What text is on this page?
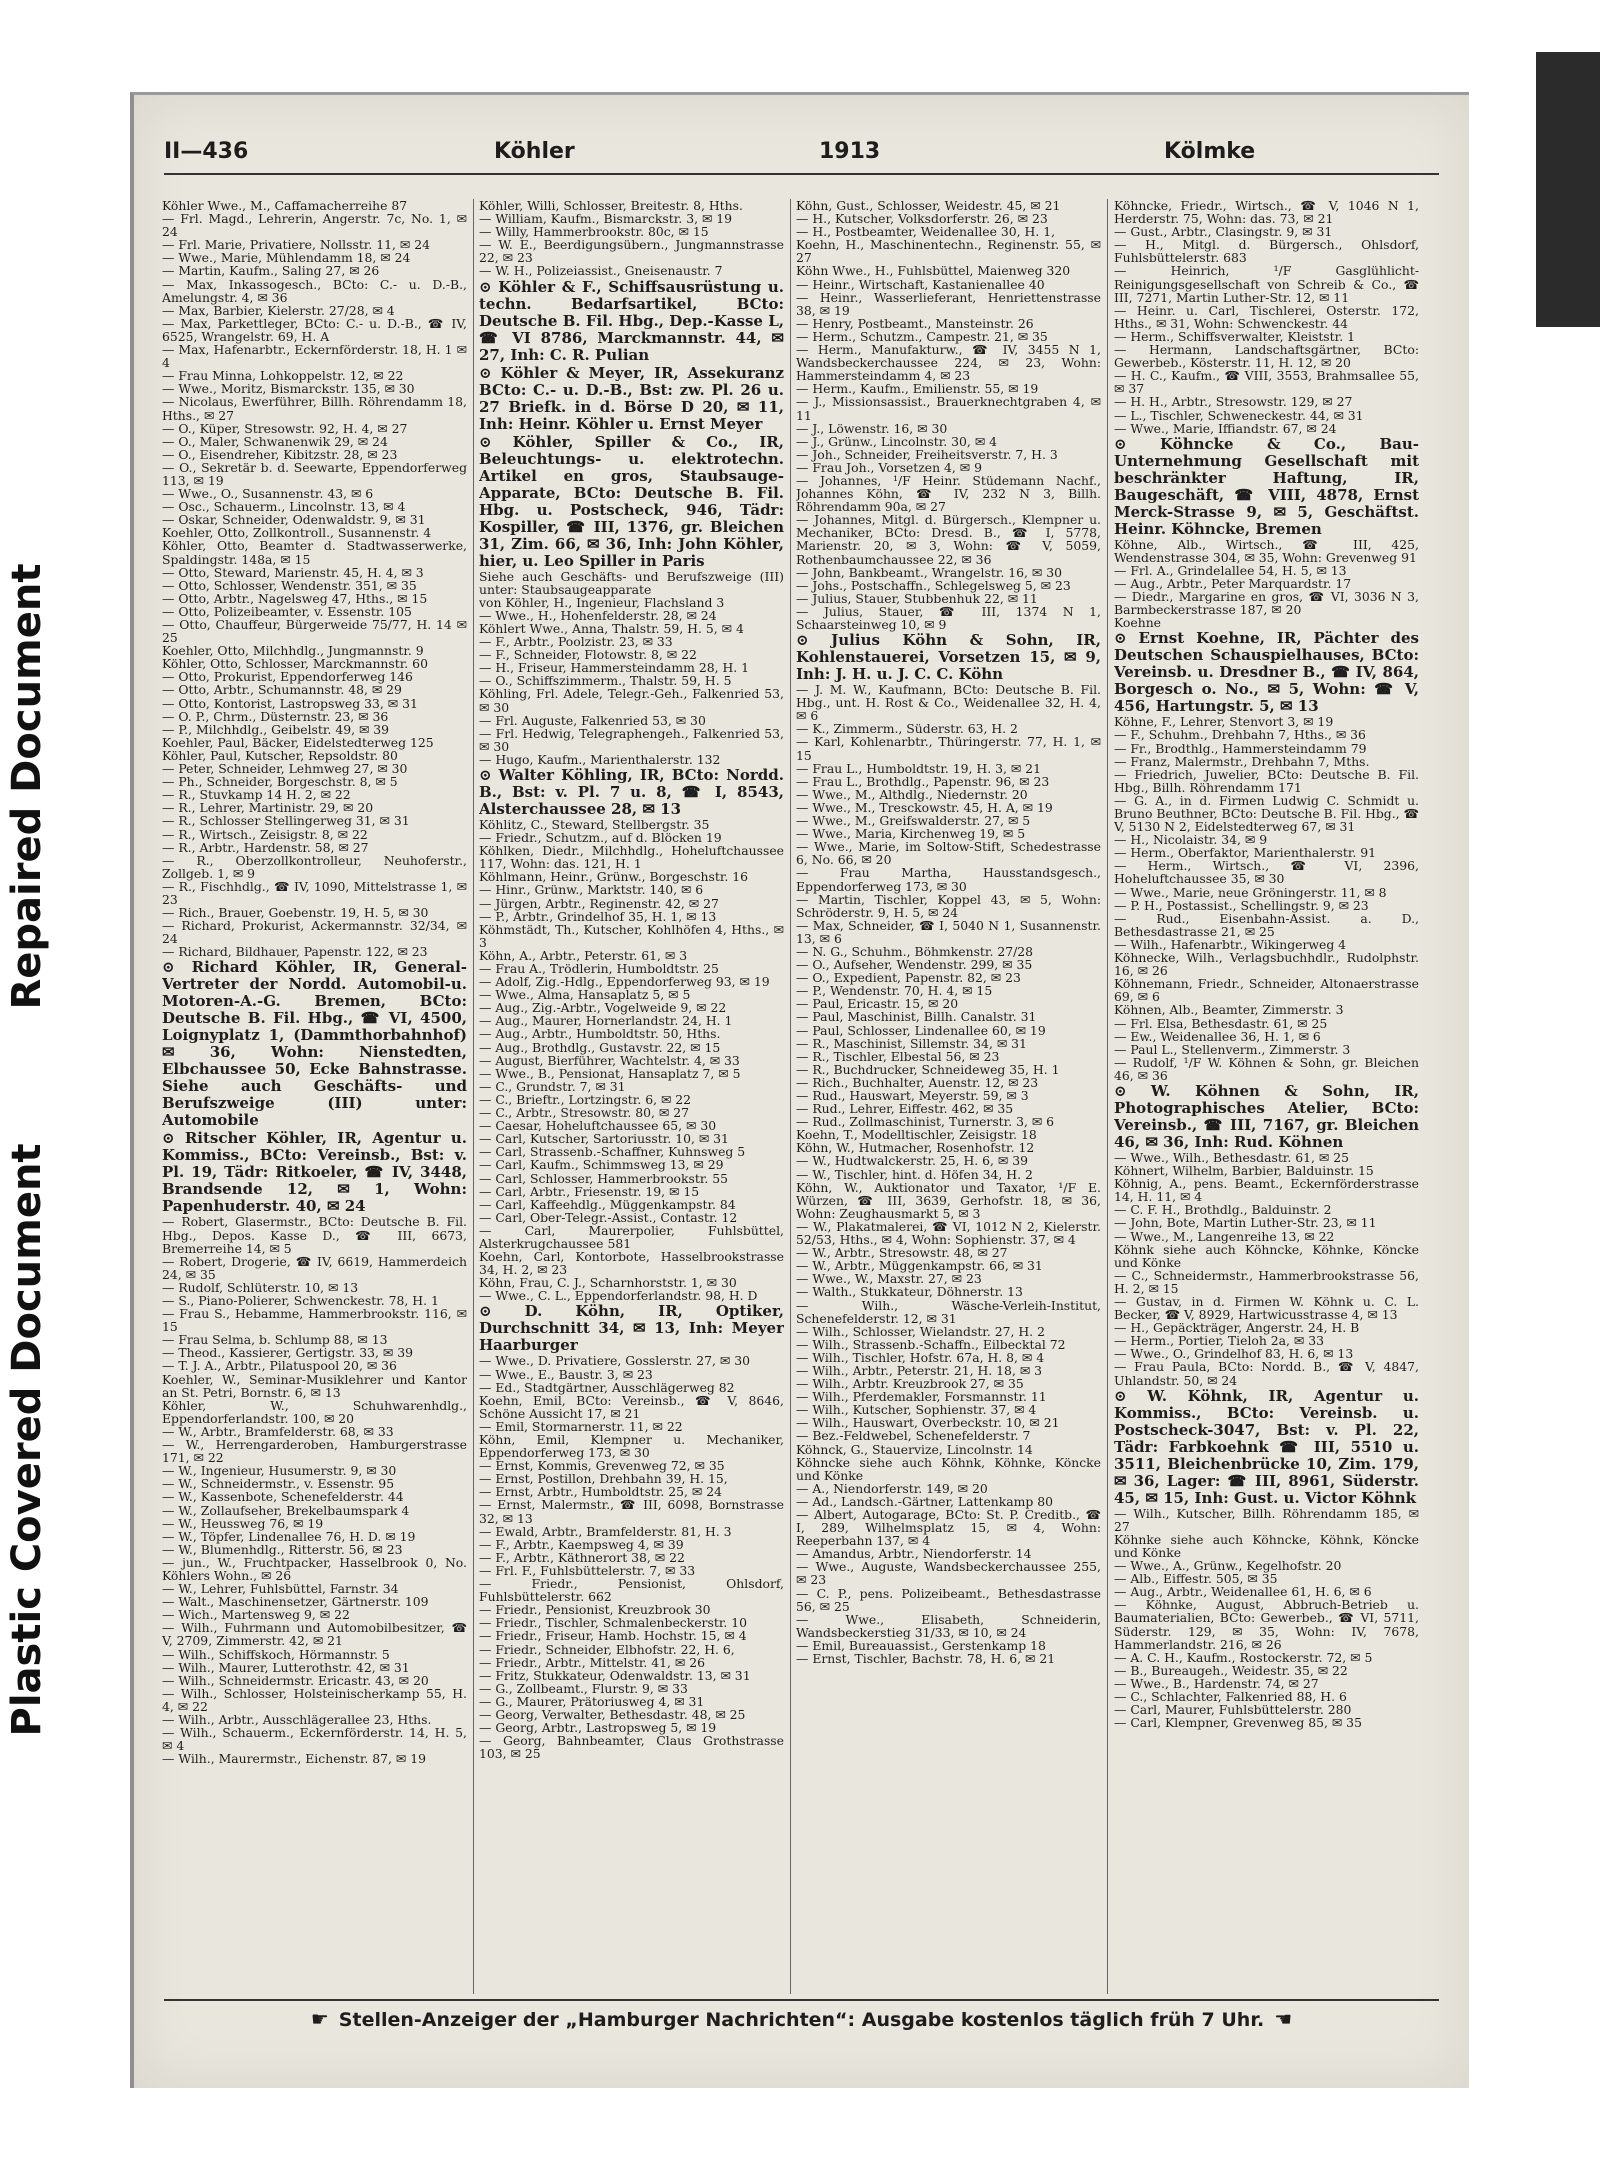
Plastic Covered Document Repaired Document
II—436	Köhler	1913	Kölmke

Köhler Wwe., M., Caffamacherreihe 87

— Frl. Magd., Lehrerin, Angerstr. 7c, No. 1, ✉ 24

— Frl. Marie, Privatiere, Nollsstr. 11, ✉ 24

— Wwe., Marie, Mühlendamm 18, ✉ 24

— Martin, Kaufm., Saling 27, ✉ 26

— Max, Inkassogesch., BCto: C.- u. D.-B., Amelungstr. 4, ✉ 36

— Max, Barbier, Kielerstr. 27/28, ✉ 4

— Max, Parkettleger, BCto: C.- u. D.-B., ☎ IV, 6525, Wrangelstr. 69, H. A

— Max, Hafenarbtr., Eckernförderstr. 18, H. 1 ✉ 4

— Frau Minna, Lohkoppelstr. 12, ✉ 22

— Wwe., Moritz, Bismarckstr. 135, ✉ 30

— Nicolaus, Ewerführer, Billh. Röhrendamm 18, Hths., ✉ 27

— O., Küper, Stresowstr. 92, H. 4, ✉ 27

— O., Maler, Schwanenwik 29, ✉ 24

— O., Eisendreher, Kibitzstr. 28, ✉ 23

— O., Sekretär b. d. Seewarte, Eppendorferweg 113, ✉ 19

— Wwe., O., Susannenstr. 43, ✉ 6

— Osc., Schauerm., Lincolnstr. 13, ✉ 4

— Oskar, Schneider, Odenwaldstr. 9, ✉ 31

Koehler, Otto, Zollkontroll., Susannenstr. 4

Köhler, Otto, Beamter d. Stadtwasserwerke, Spaldingstr. 148a, ✉ 15

— Otto, Steward, Marienstr. 45, H. 4, ✉ 3

— Otto, Schlosser, Wendenstr. 351, ✉ 35

— Otto, Arbtr., Nagelsweg 47, Hths., ✉ 15

— Otto, Polizeibeamter, v. Essenstr. 105

— Otto, Chauffeur, Bürgerweide 75/77, H. 14 ✉ 25

Koehler, Otto, Milchhdlg., Jungmannstr. 9

Köhler, Otto, Schlosser, Marckmannstr. 60

— Otto, Prokurist, Eppendorferweg 146

— Otto, Arbtr., Schumannstr. 48, ✉ 29

— Otto, Kontorist, Lastropsweg 33, ✉ 31

— O. P., Chrm., Düsternstr. 23, ✉ 36

— P., Milchhdlg., Geibelstr. 49, ✉ 39

Koehler, Paul, Bäcker, Eidelstedterweg 125

Köhler, Paul, Kutscher, Repsoldstr. 80

— Peter, Schneider, Lehmweg 27, ✉ 30

— Ph., Schneider, Borgeschstr. 8, ✉ 5

— R., Stuvkamp 14 H. 2, ✉ 22

— R., Lehrer, Martinistr. 29, ✉ 20

— R., Schlosser Stellingerweg 31, ✉ 31

— R., Wirtsch., Zeisigstr. 8, ✉ 22

— R., Arbtr., Hardenstr. 58, ✉ 27

— R., Oberzollkontrolleur, Neuhoferstr., Zollgeb. 1, ✉ 9

— R., Fischhdlg., ☎ IV, 1090, Mittelstrasse 1, ✉ 23

— Rich., Brauer, Goebenstr. 19, H. 5, ✉ 30

— Richard, Prokurist, Ackermannstr. 32/34, ✉ 24

— Richard, Bildhauer, Papenstr. 122, ✉ 23

⊙ Richard Köhler, IR, General-Vertreter der Nordd. Automobil-u. Motoren-A.-G. Bremen, BCto: Deutsche B. Fil. Hbg., ☎ VI, 4500, Loignyplatz 1, (Dammthorbahnhof) ✉ 36, Wohn: Nienstedten, Elbchaussee 50, Ecke Bahnstrasse. Siehe auch Geschäfts- und Berufszweige (III) unter: Automobile

⊙ Ritscher Köhler, IR, Agentur u. Kommiss., BCto: Vereinsb., Bst: v. Pl. 19, Tädr: Ritkoeler, ☎ IV, 3448, Brandsende 12, ✉ 1, Wohn: Papenhuderstr. 40, ✉ 24

— Robert, Glasermstr., BCto: Deutsche B. Fil. Hbg., Depos. Kasse D., ☎ III, 6673, Bremerreihe 14, ✉ 5

— Robert, Drogerie, ☎ IV, 6619, Hammerdeich 24, ✉ 35

— Rudolf, Schlüterstr. 10, ✉ 13

— S., Piano-Polierer, Schwenckestr. 78, H. 1

— Frau S., Hebamme, Hammerbrookstr. 116, ✉ 15

— Frau Selma, b. Schlump 88, ✉ 13

— Theod., Kassierer, Gertigstr. 33, ✉ 39

— T. J. A., Arbtr., Pilatuspool 20, ✉ 36

Koehler, W., Seminar-Musiklehrer und Kantor an St. Petri, Bornstr. 6, ✉ 13

Köhler, W., Schuhwarenhdlg., Eppendorferlandstr. 100, ✉ 20

— W., Arbtr., Bramfelderstr. 68, ✉ 33

— W., Herrengarderoben, Hamburgerstrasse 171, ✉ 22

— W., Ingenieur, Husumerstr. 9, ✉ 30

— W., Schneidermstr., v. Essenstr. 95

— W., Kassenbote, Schenefelderstr. 44

— W., Zollaufseher, Brekelbaumspark 4

— W., Heussweg 76, ✉ 19

— W., Töpfer, Lindenallee 76, H. D. ✉ 19

— W., Blumenhdlg., Ritterstr. 56, ✉ 23

— jun., W., Fruchtpacker, Hasselbrook 0, No. Köhlers Wohn., ✉ 26

— W., Lehrer, Fuhlsbüttel, Farnstr. 34

— Walt., Maschinensetzer, Gärtnerstr. 109

— Wich., Martensweg 9, ✉ 22

— Wilh., Fuhrmann und Automobilbesitzer, ☎ V, 2709, Zimmerstr. 42, ✉ 21

— Wilh., Schiffskoch, Hörmannstr. 5

— Wilh., Maurer, Lutterothstr. 42, ✉ 31

— Wilh., Schneidermstr. Ericastr. 43, ✉ 20

— Wilh., Schlosser, Holsteinischerkamp 55, H. 4, ✉ 22

— Wilh., Arbtr., Ausschlägerallee 23, Hths.

— Wilh., Schauerm., Eckernförderstr. 14, H. 5, ✉ 4

— Wilh., Maurermstr., Eichenstr. 87, ✉ 19

Köhler, Willi, Schlosser, Breitestr. 8, Hths.

— William, Kaufm., Bismarckstr. 3, ✉ 19

— Willy, Hammerbrookstr. 80c, ✉ 15

— W. E., Beerdigungsübern., Jungmannstrasse 22, ✉ 23

— W. H., Polizeiassist., Gneisenaustr. 7

⊙ Köhler & F., Schiffsausrüstung u. techn. Bedarfsartikel, BCto: Deutsche B. Fil. Hbg., Dep.-Kasse L, ☎ VI 8786, Marckmannstr. 44, ✉ 27, Inh: C. R. Pulian

⊙ Köhler & Meyer, IR, Assekuranz BCto: C.- u. D.-B., Bst: zw. Pl. 26 u. 27 Briefk. in d. Börse D 20, ✉ 11, Inh: Heinr. Köhler u. Ernst Meyer

⊙ Köhler, Spiller & Co., IR, Beleuchtungs- u. elektrotechn. Artikel en gros, Staubsauge-Apparate, BCto: Deutsche B. Fil. Hbg. u. Postscheck, 946, Tädr: Kospiller, ☎ III, 1376, gr. Bleichen 31, Zim. 66, ✉ 36, Inh: John Köhler, hier, u. Leo Spiller in Paris

Siehe auch Geschäfts- und Berufszweige (III) unter: Staubsaugeapparate

von Köhler, H., Ingenieur, Flachsland 3

— Wwe., H., Hohenfelderstr. 28, ✉ 24

Köhlert Wwe., Anna, Thalstr. 59, H. 5, ✉ 4

— F., Arbtr., Poolzistr. 23, ✉ 33

— F., Schneider, Flotowstr. 8, ✉ 22

— H., Friseur, Hammersteindamm 28, H. 1

— O., Schiffszimmerm., Thalstr. 59, H. 5

Köhling, Frl. Adele, Telegr.-Geh., Falkenried 53, ✉ 30

— Frl. Auguste, Falkenried 53, ✉ 30

— Frl. Hedwig, Telegraphengeh., Falkenried 53, ✉ 30

— Hugo, Kaufm., Marienthalerstr. 132

⊙ Walter Köhling, IR, BCto: Nordd. B., Bst: v. Pl. 7 u. 8, ☎ I, 8543, Alsterchaussee 28, ✉ 13

Köhlitz, C., Steward, Stellbergstr. 35

— Friedr., Schutzm., auf d. Blöcken 19

Köhlken, Diedr., Milchhdlg., Hoheluftchaussee 117, Wohn: das. 121, H. 1

Köhlmann, Heinr., Grünw., Borgeschstr. 16

— Hinr., Grünw., Marktstr. 140, ✉ 6

— Jürgen, Arbtr., Reginenstr. 42, ✉ 27

— P., Arbtr., Grindelhof 35, H. 1, ✉ 13

Köhmstädt, Th., Kutscher, Kohlhöfen 4, Hths., ✉ 3

Köhn, A., Arbtr., Peterstr. 61, ✉ 3

— Frau A., Trödlerin, Humboldtstr. 25

— Adolf, Zig.-Hdlg., Eppendorferweg 93, ✉ 19

— Wwe., Alma, Hansaplatz 5, ✉ 5

— Aug., Zig.-Arbtr., Vogelweide 9, ✉ 22

— Aug., Maurer, Hornerlandstr. 24, H. 1

— Aug., Arbtr., Humboldtstr. 50, Hths.

— Aug., Brothdlg., Gustavstr. 22, ✉ 15

— August, Bierführer, Wachtelstr. 4, ✉ 33

— Wwe., B., Pensionat, Hansaplatz 7, ✉ 5

— C., Grundstr. 7, ✉ 31

— C., Brieftr., Lortzingstr. 6, ✉ 22

— C., Arbtr., Stresowstr. 80, ✉ 27

— Caesar, Hoheluftchaussee 65, ✉ 30

— Carl, Kutscher, Sartoriusstr. 10, ✉ 31

— Carl, Strassenb.-Schaffner, Kuhnsweg 5

— Carl, Kaufm., Schimmsweg 13, ✉ 29

— Carl, Schlosser, Hammerbrookstr. 55

— Carl, Arbtr., Friesenstr. 19, ✉ 15

— Carl, Kaffeehdlg., Müggenkampstr. 84

— Carl, Ober-Telegr.-Assist., Contastr. 12

— Carl, Maurerpolier, Fuhlsbüttel, Alsterkrugchaussee 581

Koehn, Carl, Kontorbote, Hasselbrookstrasse 34, H. 2, ✉ 23

Köhn, Frau, C. J., Scharnhorststr. 1, ✉ 30

— Wwe., C. L., Eppendorferlandstr. 98, H. D

⊙ D. Köhn, IR, Optiker, Durchschnitt 34, ✉ 13, Inh: Meyer Haarburger

— Wwe., D. Privatiere, Gosslerstr. 27, ✉ 30

— Wwe., E., Baustr. 3, ✉ 23

— Ed., Stadtgärtner, Ausschlägerweg 82

Koehn, Emil, BCto: Vereinsb., ☎ V, 8646, Schöne Aussicht 17, ✉ 21

— Emil, Stormarnerstr. 11, ✉ 22

Köhn, Emil, Klempner u. Mechaniker, Eppendorferweg 173, ✉ 30

— Ernst, Kommis, Grevenweg 72, ✉ 35

— Ernst, Postillon, Drehbahn 39, H. 15,

— Ernst, Arbtr., Humboldtstr. 25, ✉ 24

— Ernst, Malermstr., ☎ III, 6098, Bornstrasse 32, ✉ 13

— Ewald, Arbtr., Bramfelderstr. 81, H. 3

— F., Arbtr., Kaempsweg 4, ✉ 39

— F., Arbtr., Käthnerort 38, ✉ 22

— Frl. F., Fuhlsbüttelerstr. 7, ✉ 33

— Friedr., Pensionist, Ohlsdorf, Fuhlsbüttelerstr. 662

— Friedr., Pensionist, Kreuzbrook 30

— Friedr., Tischler, Schmalenbeckerstr. 10

— Friedr., Friseur, Hamb. Hochstr. 15, ✉ 4

— Friedr., Schneider, Elbhofstr. 22, H. 6,

— Friedr., Arbtr., Mittelstr. 41, ✉ 26

— Fritz, Stukkateur, Odenwaldstr. 13, ✉ 31

— G., Zollbeamt., Flurstr. 9, ✉ 33

— G., Maurer, Prätoriusweg 4, ✉ 31

— Georg, Verwalter, Bethesdastr. 48, ✉ 25

— Georg, Arbtr., Lastropsweg 5, ✉ 19

— Georg, Bahnbeamter, Claus Grothstrasse 103, ✉ 25

Köhn, Gust., Schlosser, Weidestr. 45, ✉ 21

— H., Kutscher, Volksdorferstr. 26, ✉ 23

— H., Postbeamter, Weidenallee 30, H. 1,

Koehn, H., Maschinentechn., Reginenstr. 55, ✉ 27

Köhn Wwe., H., Fuhlsbüttel, Maienweg 320

— Heinr., Wirtschaft, Kastanienallee 40

— Heinr., Wasserlieferant, Henriettenstrasse 38, ✉ 19

— Henry, Postbeamt., Mansteinstr. 26

— Herm., Schutzm., Campestr. 21, ✉ 35

— Herm., Manufakturw., ☎ IV, 3455 N 1, Wandsbeckerchaussee 224, ✉ 23, Wohn: Hammersteindamm 4, ✉ 23

— Herm., Kaufm., Emilienstr. 55, ✉ 19

— J., Missionsassist., Brauerknechtgraben 4, ✉ 11

— J., Löwenstr. 16, ✉ 30

— J., Grünw., Lincolnstr. 30, ✉ 4

— Joh., Schneider, Freiheitsverstr. 7, H. 3

— Frau Joh., Vorsetzen 4, ✉ 9

— Johannes, ¹/F Heinr. Stüdemann Nachf., Johannes Köhn, ☎ IV, 232 N 3, Billh. Röhrendamm 90a, ✉ 27

— Johannes, Mitgl. d. Bürgersch., Klempner u. Mechaniker, BCto: Dresd. B., ☎ I, 5778, Marienstr. 20, ✉ 3, Wohn: ☎ V, 5059, Rothenbaumchaussee 22, ✉ 36

— John, Bankbeamt., Wrangelstr. 16, ✉ 30

— Johs., Postschaffn., Schlegelsweg 5, ✉ 23

— Julius, Stauer, Stubbenhuk 22, ✉ 11

— Julius, Stauer, ☎ III, 1374 N 1, Schaarsteinweg 10, ✉ 9

⊙ Julius Köhn & Sohn, IR, Kohlenstauerei, Vorsetzen 15, ✉ 9, Inh: J. H. u. J. C. C. Köhn

— J. M. W., Kaufmann, BCto: Deutsche B. Fil. Hbg., unt. H. Rost & Co., Weidenallee 32, H. 4, ✉ 6

— K., Zimmerm., Süderstr. 63, H. 2

— Karl, Kohlenarbtr., Thüringerstr. 77, H. 1, ✉ 15

— Frau L., Humboldtstr. 19, H. 3, ✉ 21

— Frau L., Brothdlg., Papenstr. 96, ✉ 23

— Wwe., M., Althdlg., Niedernstr. 20

— Wwe., M., Tresckowstr. 45, H. A, ✉ 19

— Wwe., M., Greifswalderstr. 27, ✉ 5

— Wwe., Maria, Kirchenweg 19, ✉ 5

— Wwe., Marie, im Soltow-Stift, Schedestrasse 6, No. 66, ✉ 20

— Frau Martha, Hausstandsgesch., Eppendorferweg 173, ✉ 30

— Martin, Tischler, Koppel 43, ✉ 5, Wohn: Schröderstr. 9, H. 5, ✉ 24

— Max, Schneider, ☎ I, 5040 N 1, Susannenstr. 13, ✉ 6

— N. G., Schuhm., Böhmkenstr. 27/28

— O., Aufseher, Wendenstr. 299, ✉ 35

— O., Expedient, Papenstr. 82, ✉ 23

— P., Wendenstr. 70, H. 4, ✉ 15

— Paul, Ericastr. 15, ✉ 20

— Paul, Maschinist, Billh. Canalstr. 31

— Paul, Schlosser, Lindenallee 60, ✉ 19

— R., Maschinist, Sillemstr. 34, ✉ 31

— R., Tischler, Elbestal 56, ✉ 23

— R., Buchdrucker, Schneideweg 35, H. 1

— Rich., Buchhalter, Auenstr. 12, ✉ 23

— Rud., Hauswart, Meyerstr. 59, ✉ 3

— Rud., Lehrer, Eiffestr. 462, ✉ 35

— Rud., Zollmaschinist, Turnerstr. 3, ✉ 6

Koehn, T., Modelltischler, Zeisigstr. 18

Köhn, W., Hutmacher, Rosenhofstr. 12

— W., Hudtwalckerstr. 25, H. 6, ✉ 39

— W., Tischler, hint. d. Höfen 34, H. 2

Köhn, W., Auktionator und Taxator, ¹/F E. Würzen, ☎ III, 3639, Gerhofstr. 18, ✉ 36, Wohn: Zeughausmarkt 5, ✉ 3

— W., Plakatmalerei, ☎ VI, 1012 N 2, Kielerstr. 52/53, Hths., ✉ 4, Wohn: Sophienstr. 37, ✉ 4

— W., Arbtr., Stresowstr. 48, ✉ 27

— W., Arbtr., Müggenkampstr. 66, ✉ 31

— Wwe., W., Maxstr. 27, ✉ 23

— Walth., Stukkateur, Döhnerstr. 13

— Wilh., Wäsche-Verleih-Institut, Schenefelderstr. 12, ✉ 31

— Wilh., Schlosser, Wielandstr. 27, H. 2

— Wilh., Strassenb.-Schaffn., Eilbecktal 72

— Wilh., Tischler, Hofstr. 67a, H. 8, ✉ 4

— Wilh., Arbtr., Peterstr. 21, H. 18, ✉ 3

— Wilh., Arbtr. Kreuzbrook 27, ✉ 35

— Wilh., Pferdemakler, Forsmannstr. 11

— Wilh., Kutscher, Sophienstr. 37, ✉ 4

— Wilh., Hauswart, Overbeckstr. 10, ✉ 21

— Bez.-Feldwebel, Schenefelderstr. 7

Köhnck, G., Stauervize, Lincolnstr. 14

Köhncke siehe auch Köhnk, Köhnke, Köncke und Könke

— A., Niendorferstr. 149, ✉ 20

— Ad., Landsch.-Gärtner, Lattenkamp 80

— Albert, Autogarage, BCto: St. P. Creditb., ☎ I, 289, Wilhelmsplatz 15, ✉ 4, Wohn: Reeperbahn 137, ✉ 4

— Amandus, Arbtr., Niendorferstr. 14

— Wwe., Auguste, Wandsbeckerchaussee 255, ✉ 23

— C. P., pens. Polizeibeamt., Bethesdastrasse 56, ✉ 25

— Wwe., Elisabeth, Schneiderin, Wandsbeckerstieg 31/33, ✉ 10, ✉ 24

— Emil, Bureauassist., Gerstenkamp 18

— Ernst, Tischler, Bachstr. 78, H. 6, ✉ 21

Köhncke, Friedr., Wirtsch., ☎ V, 1046 N 1, Herderstr. 75, Wohn: das. 73, ✉ 21

— Gust., Arbtr., Clasingstr. 9, ✉ 31

— H., Mitgl. d. Bürgersch., Ohlsdorf, Fuhlsbüttelerstr. 683

— Heinrich, ¹/F Gasglühlicht-Reinigungsgesellschaft von Schreib & Co., ☎ III, 7271, Martin Luther-Str. 12, ✉ 11

— Heinr. u. Carl, Tischlerei, Osterstr. 172, Hths., ✉ 31, Wohn: Schwenckestr. 44

— Herm., Schiffsverwalter, Kleiststr. 1

— Hermann, Landschaftsgärtner, BCto: Gewerbeb., Kösterstr. 11, H. 12, ✉ 20

— H. C., Kaufm., ☎ VIII, 3553, Brahmsallee 55, ✉ 37

— H. H., Arbtr., Stresowstr. 129, ✉ 27

— L., Tischler, Schweneckestr. 44, ✉ 31

— Wwe., Marie, Iffiandstr. 67, ✉ 24

⊙ Köhncke & Co., Bau-Unternehmung Gesellschaft mit beschränkter Haftung, IR, Baugeschäft, ☎ VIII, 4878, Ernst Merck-Strasse 9, ✉ 5, Geschäftst. Heinr. Köhncke, Bremen

Köhne, Alb., Wirtsch., ☎ III, 425, Wendenstrasse 304, ✉ 35, Wohn: Grevenweg 91

— Frl. A., Grindelallee 54, H. 5, ✉ 13

— Aug., Arbtr., Peter Marquardstr. 17

— Diedr., Margarine en gros, ☎ VI, 3036 N 3, Barmbeckerstrasse 187, ✉ 20

Koehne

⊙ Ernst Koehne, IR, Pächter des Deutschen Schauspielhauses, BCto: Vereinsb. u. Dresdner B., ☎ IV, 864, Borgesch o. No., ✉ 5, Wohn: ☎ V, 456, Hartungstr. 5, ✉ 13

Köhne, F., Lehrer, Stenvort 3, ✉ 19

— F., Schuhm., Drehbahn 7, Hths., ✉ 36

— Fr., Brodthlg., Hammersteindamm 79

— Franz, Malermstr., Drehbahn 7, Mths.

— Friedrich, Juwelier, BCto: Deutsche B. Fil. Hbg., Billh. Röhrendamm 171

— G. A., in d. Firmen Ludwig C. Schmidt u. Bruno Beuthner, BCto: Deutsche B. Fil. Hbg., ☎ V, 5130 N 2, Eidelstedterweg 67, ✉ 31

— H., Nicolaistr. 34, ✉ 9

— Herm., Oberfaktor, Marienthalerstr. 91

— Herm., Wirtsch., ☎ VI, 2396, Hoheluftchaussee 35, ✉ 30

— Wwe., Marie, neue Gröningerstr. 11, ✉ 8

— P. H., Postassist., Schellingstr. 9, ✉ 23

— Rud., Eisenbahn-Assist. a. D., Bethesdastrasse 21, ✉ 25

— Wilh., Hafenarbtr., Wikingerweg 4

Köhnecke, Wilh., Verlagsbuchhdlr., Rudolphstr. 16, ✉ 26

Köhnemann, Friedr., Schneider, Altonaerstrasse 69, ✉ 6

Köhnen, Alb., Beamter, Zimmerstr. 3

— Frl. Elsa, Bethesdastr. 61, ✉ 25

— Ew., Weidenallee 36, H. 1, ✉ 6

— Paul L., Stellenverm., Zimmerstr. 3

— Rudolf, ¹/F W. Köhnen & Sohn, gr. Bleichen 46, ✉ 36

⊙ W. Köhnen & Sohn, IR, Photographisches Atelier, BCto: Vereinsb., ☎ III, 7167, gr. Bleichen 46, ✉ 36, Inh: Rud. Köhnen

— Wwe., Wilh., Bethesdastr. 61, ✉ 25

Köhnert, Wilhelm, Barbier, Balduinstr. 15

Köhnig, A., pens. Beamt., Eckernförderstrasse 14, H. 11, ✉ 4

— C. F. H., Brothdlg., Balduinstr. 2

— John, Bote, Martin Luther-Str. 23, ✉ 11

— Wwe., M., Langenreihe 13, ✉ 22

Köhnk siehe auch Köhncke, Köhnke, Köncke und Könke

— C., Schneidermstr., Hammerbrookstrasse 56, H. 2, ✉ 15

— Gustav, in d. Firmen W. Köhnk u. C. L. Becker, ☎ V, 8929, Hartwicusstrasse 4, ✉ 13

— H., Gepäckträger, Angerstr. 24, H. B

— Herm., Portier, Tieloh 2a, ✉ 33

— Wwe., O., Grindelhof 83, H. 6, ✉ 13

— Frau Paula, BCto: Nordd. B., ☎ V, 4847, Uhlandstr. 50, ✉ 24

⊙ W. Köhnk, IR, Agentur u. Kommiss., BCto: Vereinsb. u. Postscheck-3047, Bst: v. Pl. 22, Tädr: Farbkoehnk ☎ III, 5510 u. 3511, Bleichenbrücke 10, Zim. 179, ✉ 36, Lager: ☎ III, 8961, Süderstr. 45, ✉ 15, Inh: Gust. u. Victor Köhnk

— Wilh., Kutscher, Billh. Röhrendamm 185, ✉ 27

Köhnke siehe auch Köhncke, Köhnk, Köncke und Könke

— Wwe., A., Grünw., Kegelhofstr. 20

— Alb., Eiffestr. 505, ✉ 35

— Aug., Arbtr., Weidenallee 61, H. 6, ✉ 6

— Köhnke, August, Abbruch-Betrieb u. Baumaterialien, BCto: Gewerbeb., ☎ VI, 5711, Süderstr. 129, ✉ 35, Wohn: IV, 7678, Hammerlandstr. 216, ✉ 26

— A. C. H., Kaufm., Rostockerstr. 72, ✉ 5

— B., Bureaugeh., Weidestr. 35, ✉ 22

— Wwe., B., Hardenstr. 74, ✉ 27

— C., Schlachter, Falkenried 88, H. 6

— Carl, Maurer, Fuhlsbüttelerstr. 280

— Carl, Klempner, Grevenweg 85, ✉ 35

☛ Stellen-Anzeiger der „Hamburger Nachrichten“: Ausgabe kostenlos täglich früh 7 Uhr. ☚
